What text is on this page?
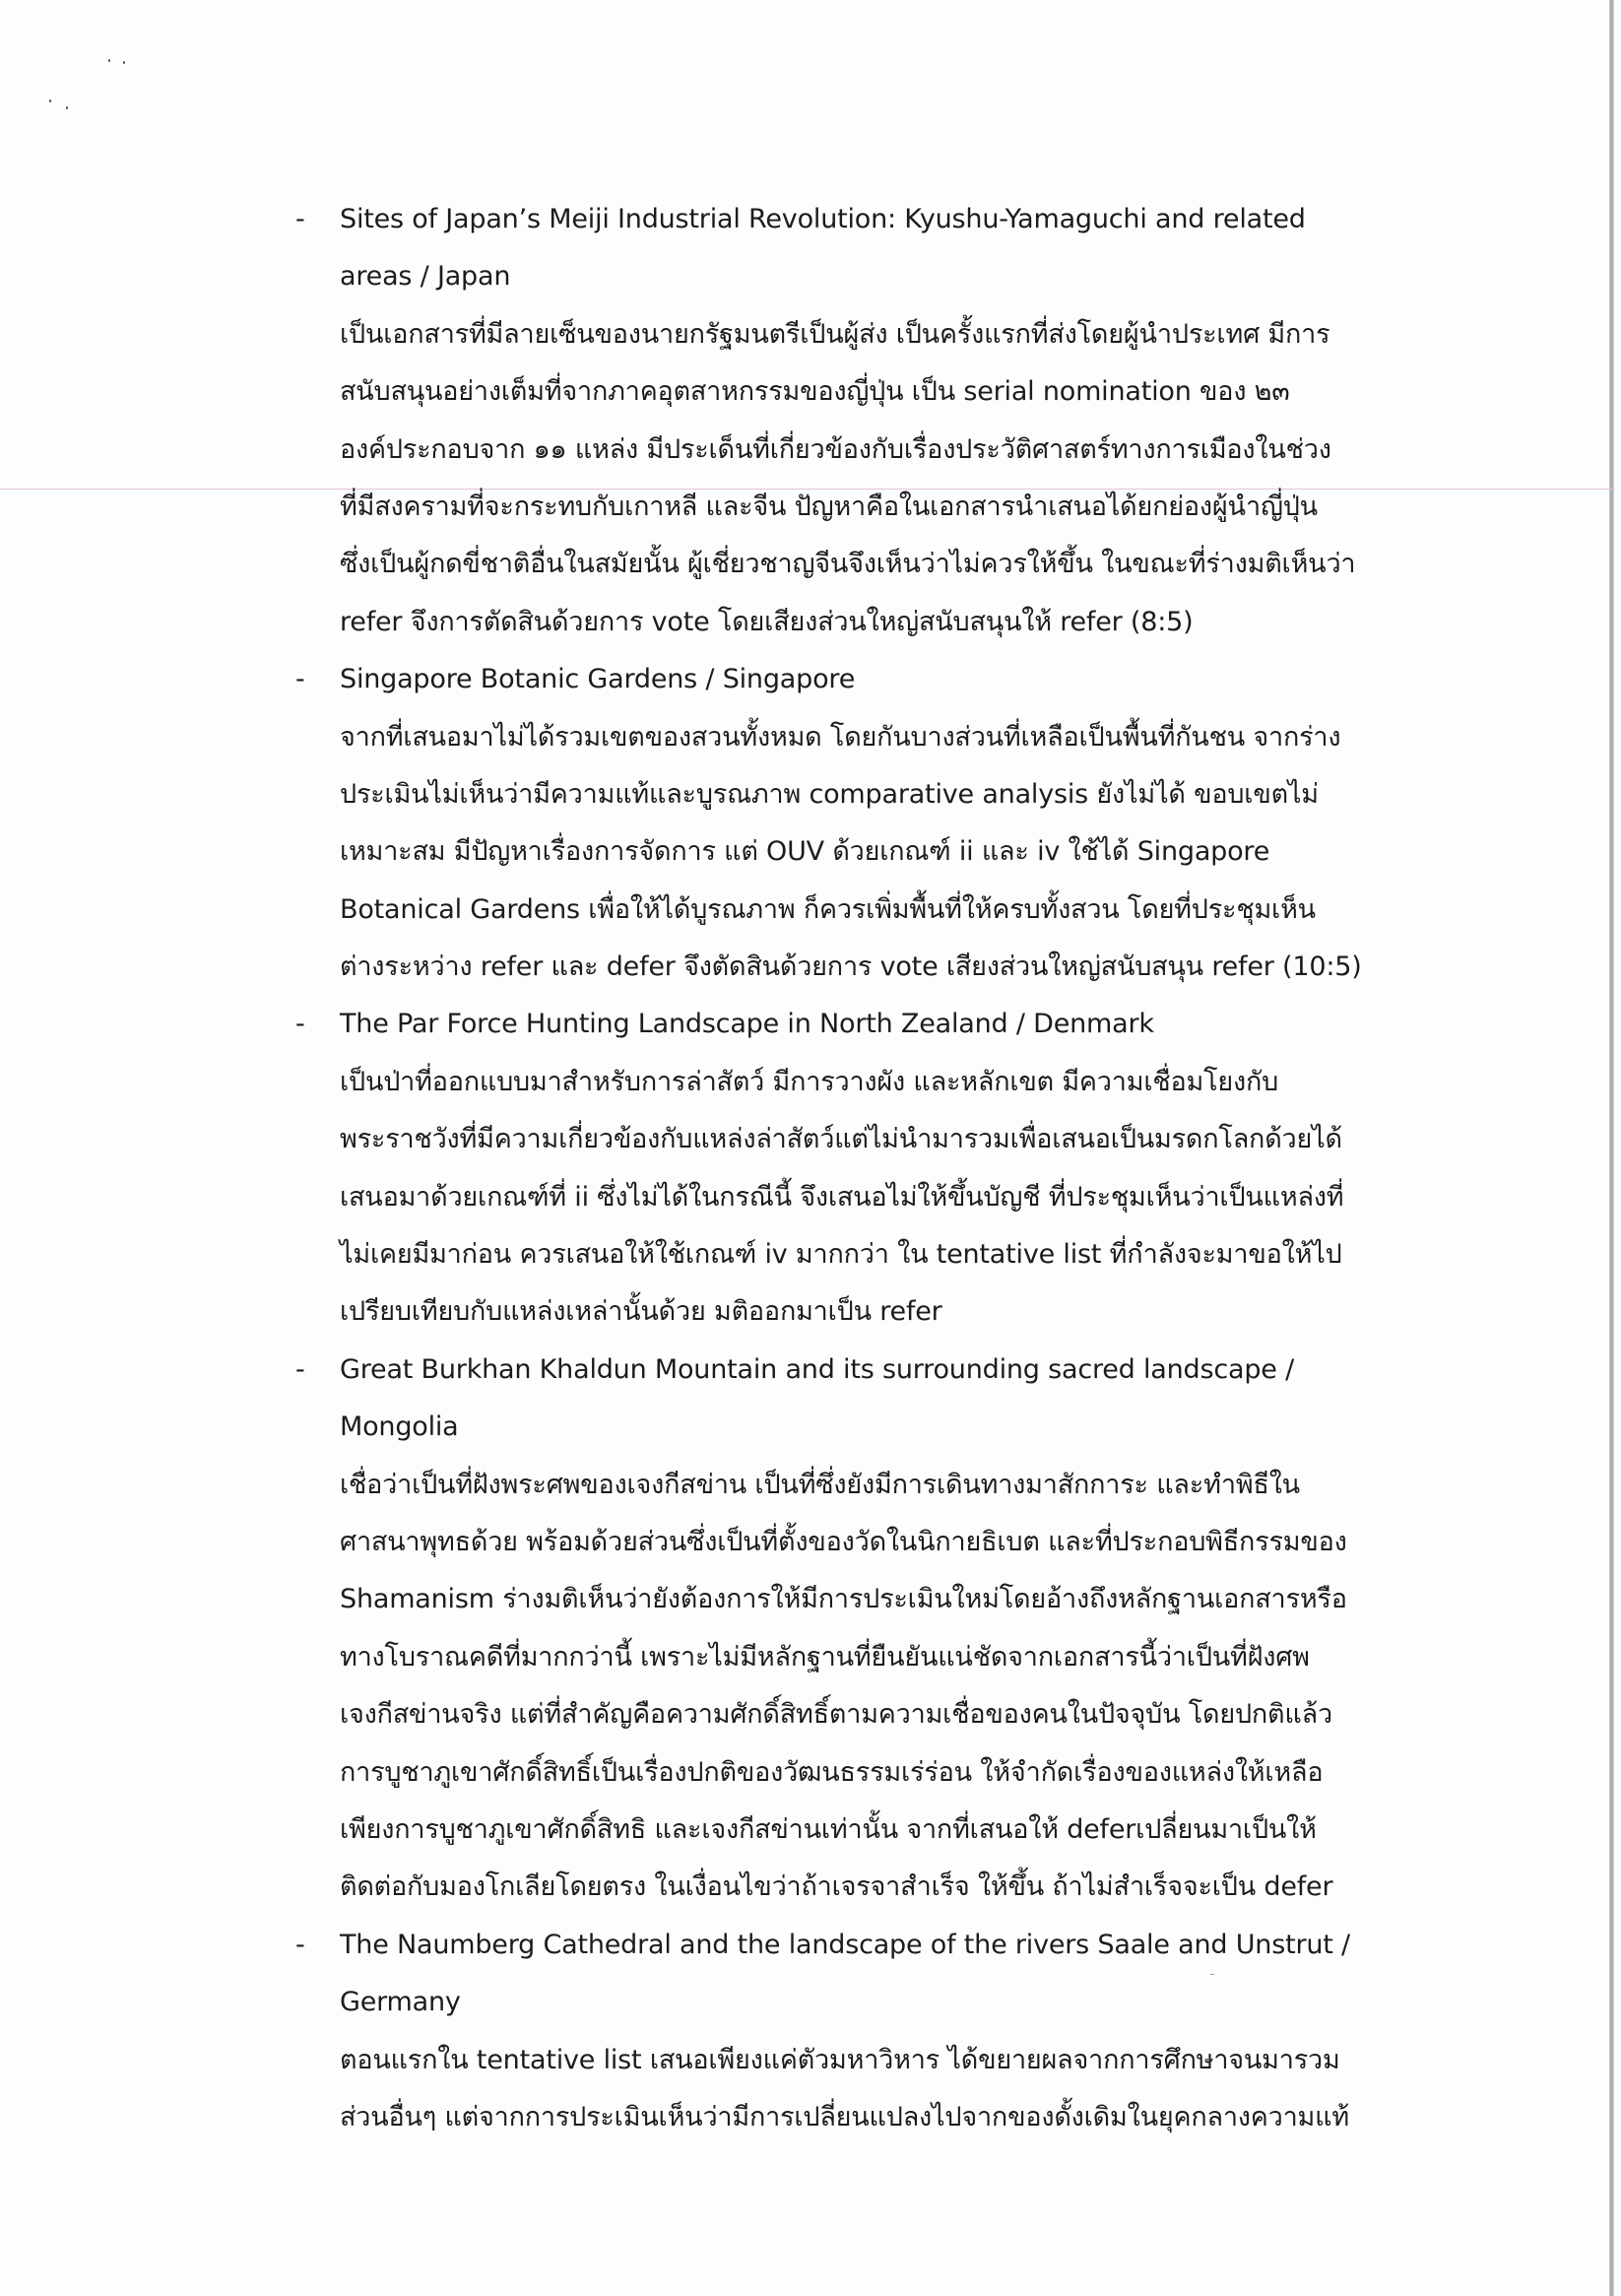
-	Sites of Japan’s Meiji Industrial Revolution: Kyushu-Yamaguchi and related
areas / Japan
เป็นเอกสารที่มีลายเซ็นของนายกรัฐมนตรีเป็นผู้ส่ง เป็นครั้งแรกที่ส่งโดยผู้นำประเทศ มีการ
สนับสนุนอย่างเต็มที่จากภาคอุตสาหกรรมของญี่ปุ่น เป็น serial nomination ของ ๒๓
องค์ประกอบจาก ๑๑ แหล่ง มีประเด็นที่เกี่ยวข้องกับเรื่องประวัติศาสตร์ทางการเมืองในช่วง
ที่มีสงครามที่จะกระทบกับเกาหลี และจีน ปัญหาคือในเอกสารนำเสนอได้ยกย่องผู้นำญี่ปุ่น
ซึ่งเป็นผู้กดขี่ชาติอื่นในสมัยนั้น ผู้เชี่ยวชาญจีนจึงเห็นว่าไม่ควรให้ขึ้น ในขณะที่ร่างมติเห็นว่า
refer จึงการตัดสินด้วยการ vote โดยเสียงส่วนใหญ่สนับสนุนให้ refer (8:5)
-	Singapore Botanic Gardens / Singapore
จากที่เสนอมาไม่ได้รวมเขตของสวนทั้งหมด โดยกันบางส่วนที่เหลือเป็นพื้นที่กันชน จากร่าง
ประเมินไม่เห็นว่ามีความแท้และบูรณภาพ comparative analysis ยังไม่ได้ ขอบเขตไม่
เหมาะสม มีปัญหาเรื่องการจัดการ แต่ OUV ด้วยเกณฑ์ ii และ iv ใช้ได้ Singapore
Botanical Gardens เพื่อให้ได้บูรณภาพ ก็ควรเพิ่มพื้นที่ให้ครบทั้งสวน โดยที่ประชุมเห็น
ต่างระหว่าง refer และ defer จึงตัดสินด้วยการ vote เสียงส่วนใหญ่สนับสนุน refer (10:5)
-	The Par Force Hunting Landscape in North Zealand / Denmark
เป็นป่าที่ออกแบบมาสำหรับการล่าสัตว์ มีการวางผัง และหลักเขต มีความเชื่อมโยงกับ
พระราชวังที่มีความเกี่ยวข้องกับแหล่งล่าสัตว์แต่ไม่นำมารวมเพื่อเสนอเป็นมรดกโลกด้วยได้
เสนอมาด้วยเกณฑ์ที่ ii ซึ่งไม่ได้ในกรณีนี้ จึงเสนอไม่ให้ขึ้นบัญชี ที่ประชุมเห็นว่าเป็นแหล่งที่
ไม่เคยมีมาก่อน ควรเสนอให้ใช้เกณฑ์ iv มากกว่า ใน tentative list ที่กำลังจะมาขอให้ไป
เปรียบเทียบกับแหล่งเหล่านั้นด้วย มติออกมาเป็น refer
-	Great Burkhan Khaldun Mountain and its surrounding sacred landscape /
Mongolia
เชื่อว่าเป็นที่ฝังพระศพของเจงกีสข่าน เป็นที่ซึ่งยังมีการเดินทางมาสักการะ และทำพิธีใน
ศาสนาพุทธด้วย พร้อมด้วยส่วนซึ่งเป็นที่ตั้งของวัดในนิกายธิเบต และที่ประกอบพิธีกรรมของ
Shamanism ร่างมติเห็นว่ายังต้องการให้มีการประเมินใหม่โดยอ้างถึงหลักฐานเอกสารหรือ
ทางโบราณคดีที่มากกว่านี้ เพราะไม่มีหลักฐานที่ยืนยันแน่ชัดจากเอกสารนี้ว่าเป็นที่ฝังศพ
เจงกีสข่านจริง แต่ที่สำคัญคือความศักดิ์สิทธิ์ตามความเชื่อของคนในปัจจุบัน โดยปกติแล้ว
การบูชาภูเขาศักดิ์สิทธิ์เป็นเรื่องปกติของวัฒนธรรมเร่ร่อน ให้จำกัดเรื่องของแหล่งให้เหลือ
เพียงการบูชาภูเขาศักดิ์สิทธิ และเจงกีสข่านเท่านั้น จากที่เสนอให้ deferเปลี่ยนมาเป็นให้
ติดต่อกับมองโกเลียโดยตรง ในเงื่อนไขว่าถ้าเจรจาสำเร็จ ให้ขึ้น ถ้าไม่สำเร็จจะเป็น defer
-	The Naumberg Cathedral and the landscape of the rivers Saale and Unstrut /
Germany
ตอนแรกใน tentative list เสนอเพียงแค่ตัวมหาวิหาร ได้ขยายผลจากการศึกษาจนมารวม
ส่วนอื่นๆ แต่จากการประเมินเห็นว่ามีการเปลี่ยนแปลงไปจากของดั้งเดิมในยุคกลางความแท้
